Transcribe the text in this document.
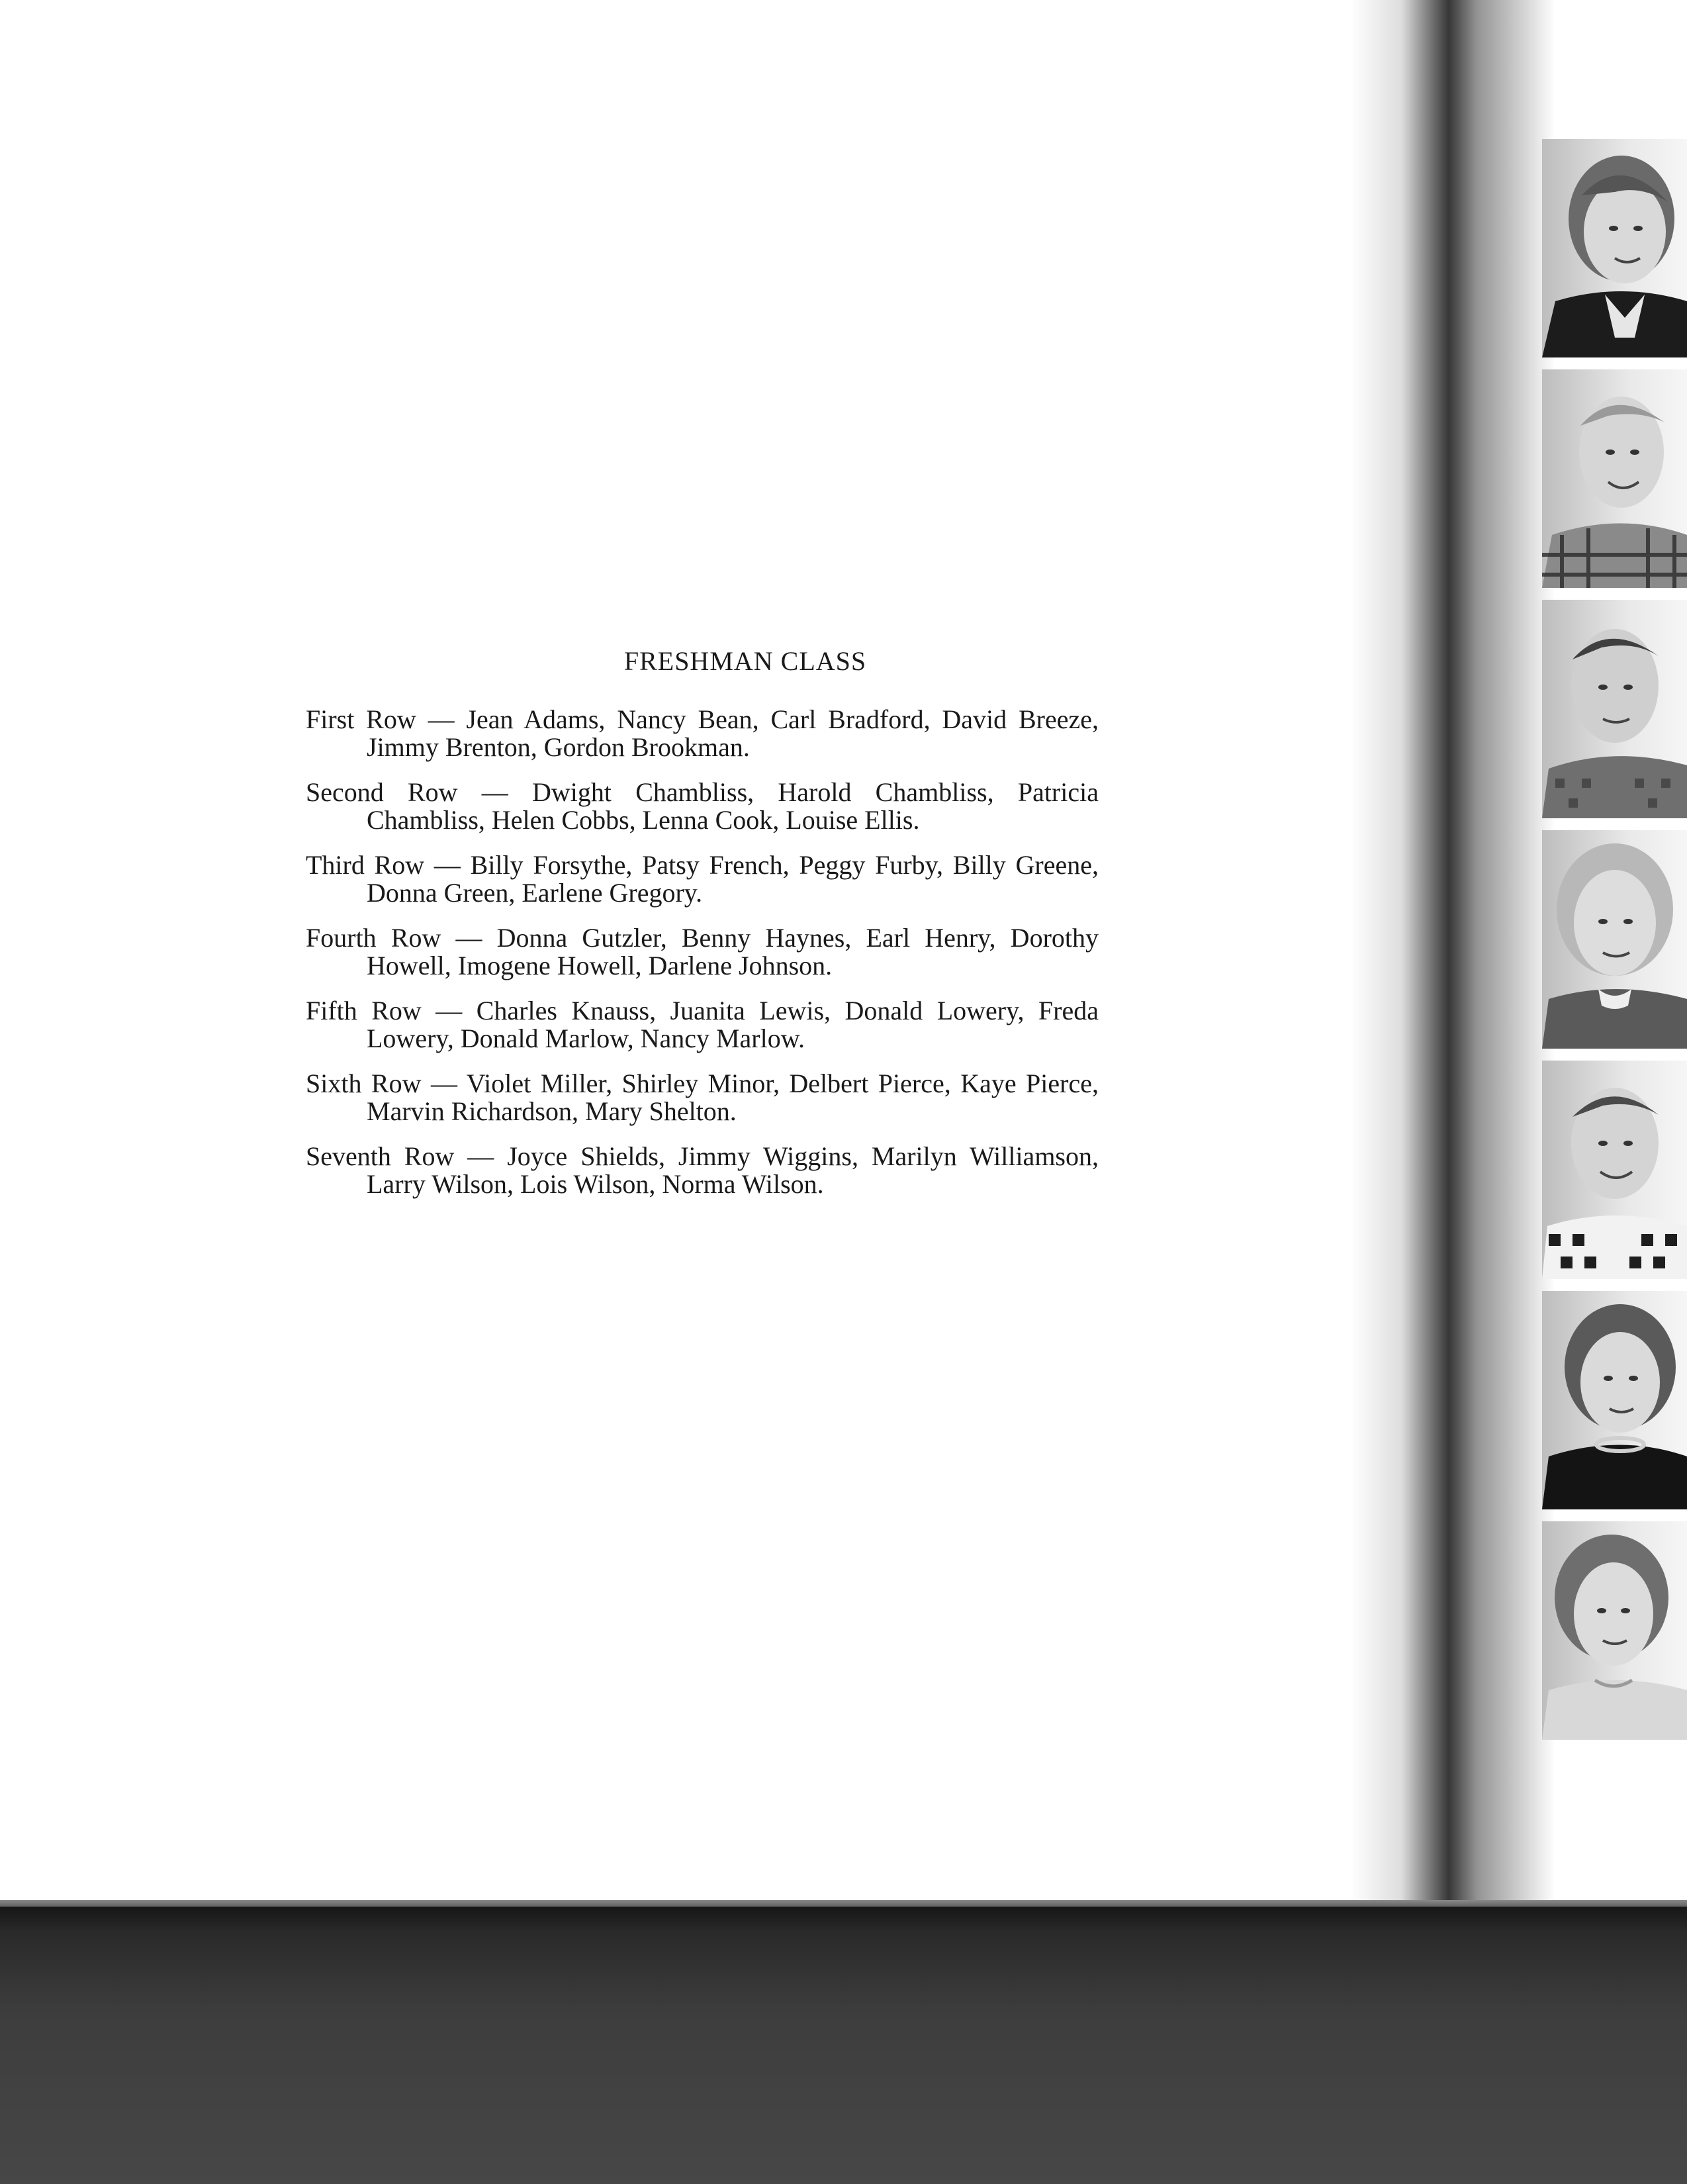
FRESHMAN CLASS

First Row — Jean Adams, Nancy Bean, Carl Bradford, David Breeze, Jimmy Brenton, Gordon Brookman.

Second Row — Dwight Chambliss, Harold Chambliss, Patricia Chambliss, Helen Cobbs, Lenna Cook, Louise Ellis.

Third Row — Billy Forsythe, Patsy French, Peggy Furby, Billy Greene, Donna Green, Earlene Gregory.

Fourth Row — Donna Gutzler, Benny Haynes, Earl Henry, Dorothy Howell, Imogene Howell, Darlene Johnson.

Fifth Row — Charles Knauss, Juanita Lewis, Donald Lowery, Freda Lowery, Donald Marlow, Nancy Marlow.

Sixth Row — Violet Miller, Shirley Minor, Delbert Pierce, Kaye Pierce, Marvin Richardson, Mary Shelton.

Seventh Row — Joyce Shields, Jimmy Wiggins, Marilyn Williamson, Larry Wilson, Lois Wilson, Norma Wilson.
